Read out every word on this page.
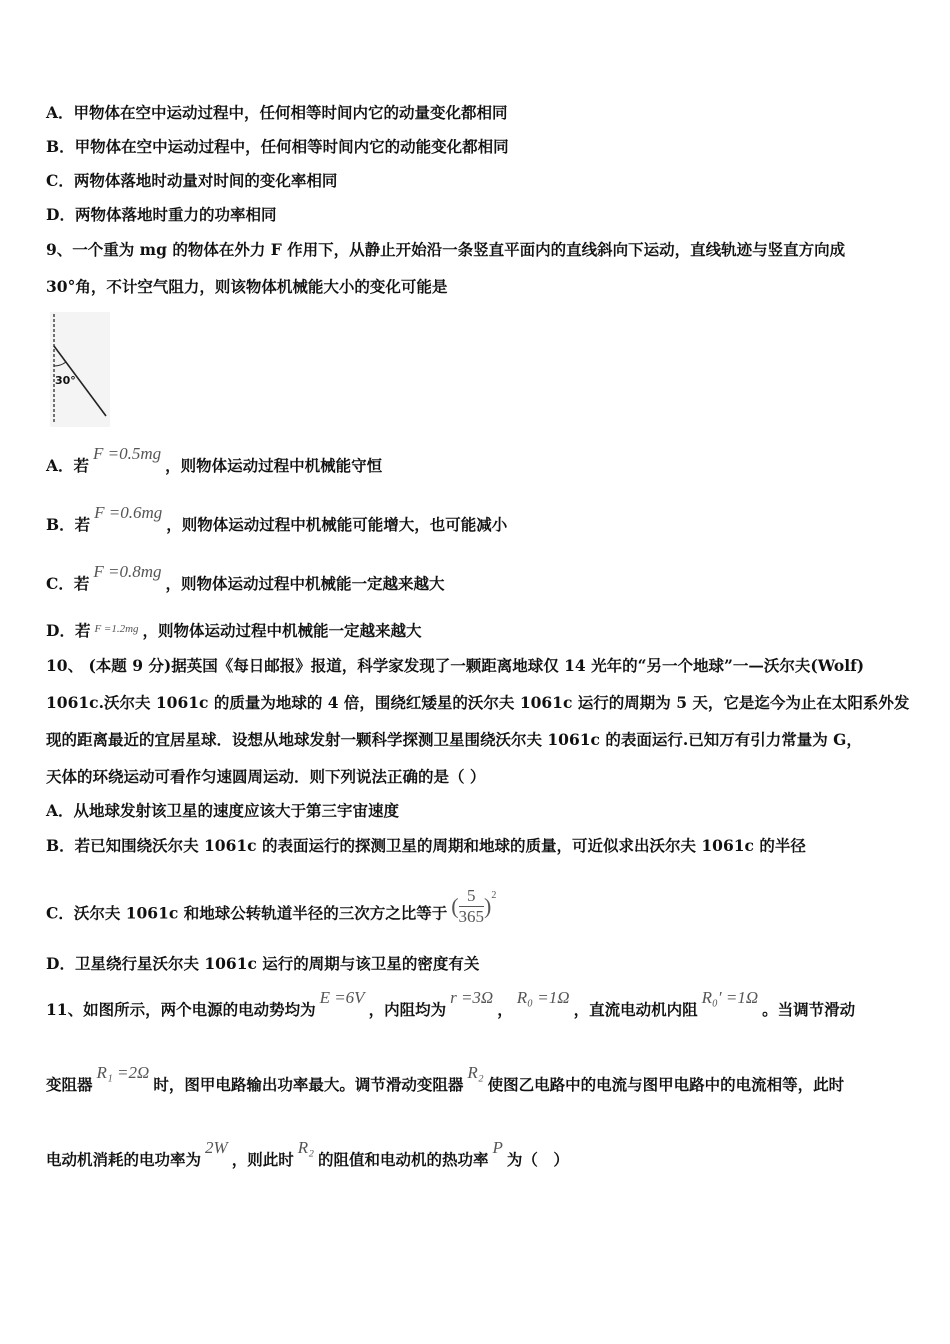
A．甲物体在空中运动过程中，任何相等时间内它的动量变化都相同
B．甲物体在空中运动过程中，任何相等时间内它的动能变化都相同
C．两物体落地时动量对时间的变化率相同
D．两物体落地时重力的功率相同
9、一个重为 mg 的物体在外力 F 作用下，从静止开始沿一条竖直平面内的直线斜向下运动，直线轨迹与竖直方向成
30°角，不计空气阻力，则该物体机械能大小的变化可能是
30°
A．若F =0.5mg，则物体运动过程中机械能守恒
B．若F =0.6mg，则物体运动过程中机械能可能增大，也可能减小
C．若F =0.8mg，则物体运动过程中机械能一定越来越大
D．若 $^{F =1.2mg}$ ，则物体运动过程中机械能一定越来越大
10、 (本题 9 分)据英国《每日邮报》报道，科学家发现了一颗距离地球仅 14 光年的“另一个地球”一—沃尔夫(Wolf)
1061c.沃尔夫 1061c 的质量为地球的 4 倍，围绕红矮星的沃尔夫 1061c 运行的周期为 5 天，它是迄今为止在太阳系外发
现的距离最近的宜居星球．设想从地球发射一颗科学探测卫星围绕沃尔夫 1061c 的表面运行.已知万有引力常量为 G，
天体的环绕运动可看作匀速圆周运动．则下列说法正确的是（ ）
A．从地球发射该卫星的速度应该大于第三宇宙速度
B．若已知围绕沃尔夫 1061c 的表面运行的探测卫星的周期和地球的质量，可近似求出沃尔夫 1061c 的半径
C．沃尔夫 1061c 和地球公转轨道半径的三次方之比等于 ( $\frac{5}{365} )^2$
D．卫星绕行星沃尔夫 1061c 运行的周期与该卫星的密度有关
11、如图所示，两个电源的电动势均为E =6V，内阻均为r =3Ω，R₀ =1Ω，直流电动机内阻R₀′ =1Ω。当调节滑动
变阻器R₁ =2Ω时，图甲电路输出功率最大。调节滑动变阻器R₂使图乙电路中的电流与图甲电路中的电流相等，此时
电动机消耗的电功率为2W，则此时R₂的阻值和电动机的热功率P为（　）
